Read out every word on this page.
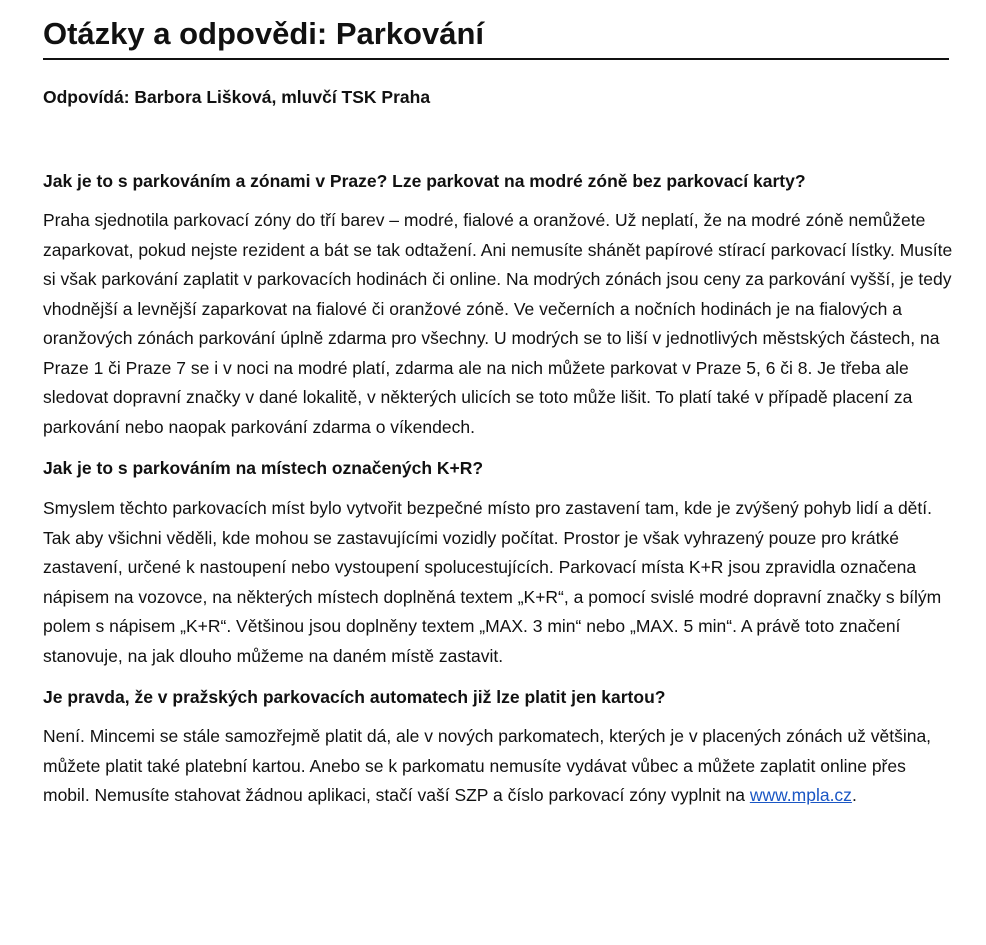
Otázky a odpovědi: Parkování
Odpovídá: Barbora Lišková, mluvčí TSK Praha

Jak je to s parkováním a zónami v Praze? Lze parkovat na modré zóně bez parkovací karty?

Praha sjednotila parkovací zóny do tří barev – modré, fialové a oranžové. Už neplatí, že na modré zóně nemůžete zaparkovat, pokud nejste rezident a bát se tak odtažení. Ani nemusíte shánět papírové stírací parkovací lístky. Musíte si však parkování zaplatit v parkovacích hodinách či online. Na modrých zónách jsou ceny za parkování vyšší, je tedy vhodnější a levnější zaparkovat na fialové či oranžové zóně. Ve večerních a nočních hodinách je na fialových a oranžových zónách parkování úplně zdarma pro všechny. U modrých se to liší v jednotlivých městských částech, na Praze 1 či Praze 7 se i v noci na modré platí, zdarma ale na nich můžete parkovat v Praze 5, 6 či 8. Je třeba ale sledovat dopravní značky v dané lokalitě, v některých ulicích se toto může lišit. To platí také v případě placení za parkování nebo naopak parkování zdarma o víkendech.

Jak je to s parkováním na místech označených K+R?

Smyslem těchto parkovacích míst bylo vytvořit bezpečné místo pro zastavení tam, kde je zvýšený pohyb lidí a dětí. Tak aby všichni věděli, kde mohou se zastavujícími vozidly počítat. Prostor je však vyhrazený pouze pro krátké zastavení, určené k nastoupení nebo vystoupení spolucestujících. Parkovací místa K+R jsou zpravidla označena nápisem na vozovce, na některých místech doplněná textem „K+R“, a pomocí svislé modré dopravní značky s bílým polem s nápisem „K+R“. Většinou jsou doplněny textem „MAX. 3 min“ nebo „MAX. 5 min“. A právě toto značení stanovuje, na jak dlouho můžeme na daném místě zastavit.

Je pravda, že v pražských parkovacích automatech již lze platit jen kartou?

Není. Mincemi se stále samozřejmě platit dá, ale v nových parkomatech, kterých je v placených zónách už většina, můžete platit také platební kartou. Anebo se k parkomatu nemusíte vydávat vůbec a můžete zaplatit online přes mobil. Nemusíte stahovat žádnou aplikaci, stačí vaší SZP a číslo parkovací zóny vyplnit na www.mpla.cz.
